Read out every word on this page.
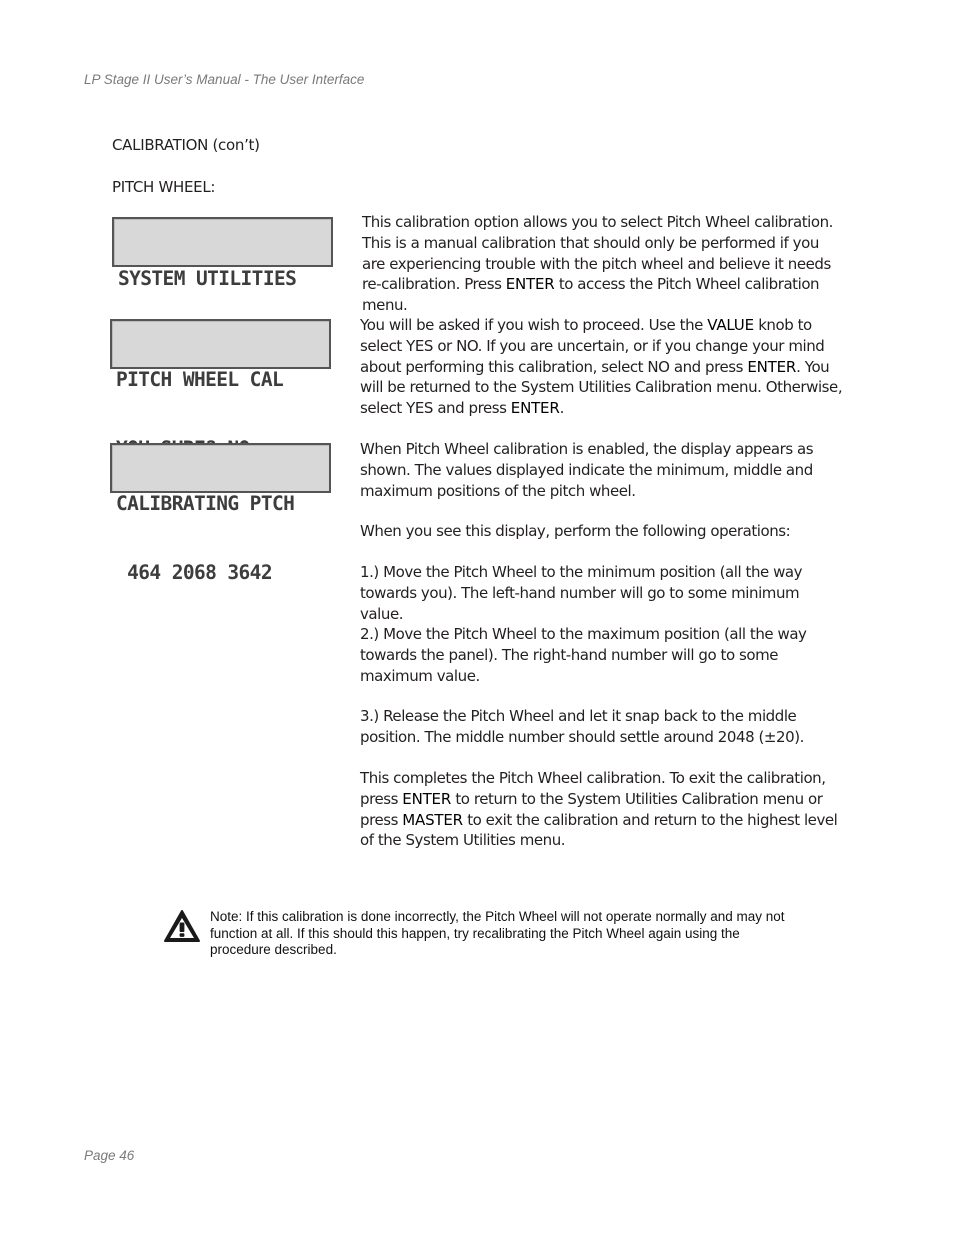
LP Stage II User’s Manual - The User Interface
CALIBRATION (con’t)
PITCH WHEEL:

SYSTEM UTILITIES

PITCH WHEEL CAL

CALIBRATING PTCH

464 2068 3642

This calibration option allows you to select Pitch Wheel calibration. This is a manual calibration that should only be performed if you are experiencing trouble with the pitch wheel and believe it needs re-calibration. Press ENTER to access the Pitch Wheel calibration menu.

You will be asked if you wish to proceed. Use the VALUE knob to select YES or NO. If you are uncertain, or if you change your mind about performing this calibration, select NO and press ENTER. You will be returned to the System Utilities Calibration menu. Otherwise, select YES and press ENTER.

When Pitch Wheel calibration is enabled, the display appears as shown. The values displayed indicate the minimum, middle and maximum positions of the pitch wheel.

When you see this display, perform the following operations:

1.) Move the Pitch Wheel to the minimum position (all the way towards you). The left-hand number will go to some minimum value.

2.) Move the Pitch Wheel to the maximum position (all the way towards the panel). The right-hand number will go to some maximum value.

3.) Release the Pitch Wheel and let it snap back to the middle position. The middle number should settle around 2048 (±20).

This completes the Pitch Wheel calibration. To exit the calibration, press ENTER to return to the System Utilities Calibration menu or press MASTER to exit the calibration and return to the highest level of the System Utilities menu.

Note: If this calibration is done incorrectly, the Pitch Wheel will not operate normally and may not function at all. If this should this happen, try recalibrating the Pitch Wheel again using the procedure described.
Page 46
